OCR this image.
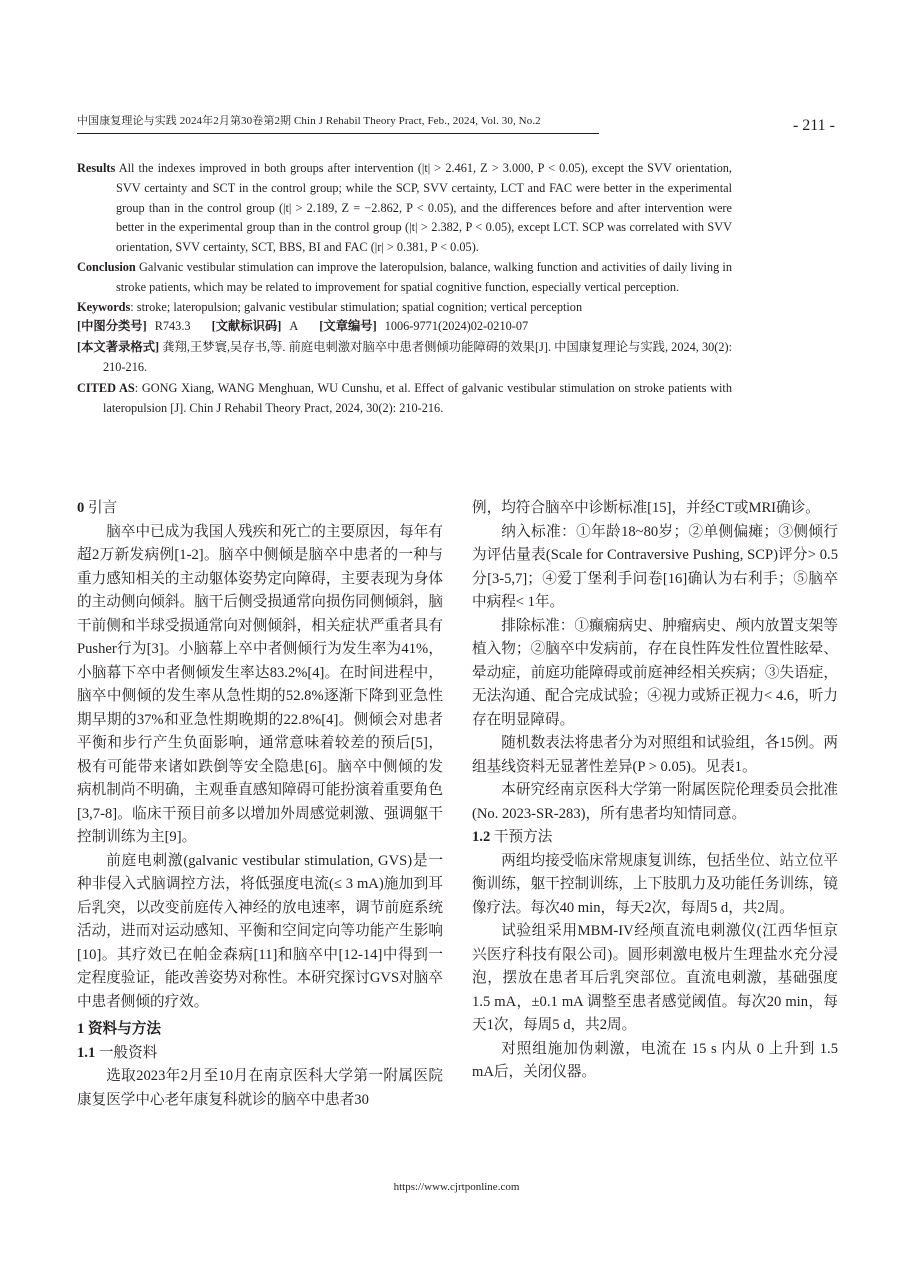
中国康复理论与实践 2024年2月第30卷第2期 Chin J Rehabil Theory Pract, Feb., 2024, Vol. 30, No.2	- 211 -
Results All the indexes improved in both groups after intervention (|t| > 2.461, Z > 3.000, P < 0.05), except the SVV orientation, SVV certainty and SCT in the control group; while the SCP, SVV certainty, LCT and FAC were better in the experimental group than in the control group (|t| > 2.189, Z = −2.862, P < 0.05), and the differences before and after intervention were better in the experimental group than in the control group (|t| > 2.382, P < 0.05), except LCT. SCP was correlated with SVV orientation, SVV certainty, SCT, BBS, BI and FAC (|r| > 0.381, P < 0.05).
Conclusion Galvanic vestibular stimulation can improve the lateropulsion, balance, walking function and activities of daily living in stroke patients, which may be related to improvement for spatial cognitive function, especially vertical perception.
Keywords: stroke; lateropulsion; galvanic vestibular stimulation; spatial cognition; vertical perception
[中图分类号] R743.3 [文献标识码] A [文章编号] 1006-9771(2024)02-0210-07
[本文著录格式] 龚翔,王梦寰,吴存书,等. 前庭电刺激对脑卒中患者侧倾功能障碍的效果[J]. 中国康复理论与实践, 2024, 30(2): 210-216.
CITED AS: GONG Xiang, WANG Menghuan, WU Cunshu, et al. Effect of galvanic vestibular stimulation on stroke patients with lateropulsion [J]. Chin J Rehabil Theory Pract, 2024, 30(2): 210-216.
0 引言

脑卒中已成为我国人残疾和死亡的主要原因，每年有超2万新发病例[1-2]。脑卒中侧倾是脑卒中患者的一种与重力感知相关的主动躯体姿势定向障碍，主要表现为身体的主动侧向倾斜。脑干后侧受损通常向损伤同侧倾斜，脑干前侧和半球受损通常向对侧倾斜，相关症状严重者具有Pusher行为[3]。小脑幕上卒中者侧倾行为发生率为41%，小脑幕下卒中者侧倾发生率达83.2%[4]。在时间进程中，脑卒中侧倾的发生率从急性期的52.8%逐渐下降到亚急性期早期的37%和亚急性期晚期的22.8%[4]。侧倾会对患者平衡和步行产生负面影响，通常意味着较差的预后[5]，极有可能带来诸如跌倒等安全隐患[6]。脑卒中侧倾的发病机制尚不明确，主观垂直感知障碍可能扮演着重要角色[3,7-8]。临床干预目前多以增加外周感觉刺激、强调躯干控制训练为主[9]。

前庭电刺激(galvanic vestibular stimulation, GVS)是一种非侵入式脑调控方法，将低强度电流(≤ 3 mA)施加到耳后乳突，以改变前庭传入神经的放电速率，调节前庭系统活动，进而对运动感知、平衡和空间定向等功能产生影响[10]。其疗效已在帕金森病[11]和脑卒中[12-14]中得到一定程度验证，能改善姿势对称性。本研究探讨GVS对脑卒中患者侧倾的疗效。

1 资料与方法
1.1 一般资料

选取2023年2月至10月在南京医科大学第一附属医院康复医学中心老年康复科就诊的脑卒中患者30

例，均符合脑卒中诊断标准[15]，并经CT或MRI确诊。

纳入标准：①年龄18~80岁；②单侧偏瘫；③侧倾行为评估量表(Scale for Contraversive Pushing, SCP)评分> 0.5分[3-5,7]；④爱丁堡利手问卷[16]确认为右利手；⑤脑卒中病程< 1年。

排除标准：①癫痫病史、肿瘤病史、颅内放置支架等植入物；②脑卒中发病前，存在良性阵发性位置性眩晕、晕动症，前庭功能障碍或前庭神经相关疾病；③失语症，无法沟通、配合完成试验；④视力或矫正视力< 4.6，听力存在明显障碍。

随机数表法将患者分为对照组和试验组，各15例。两组基线资料无显著性差异(P > 0.05)。见表1。

本研究经南京医科大学第一附属医院伦理委员会批准(No. 2023-SR-283)，所有患者均知情同意。

1.2 干预方法

两组均接受临床常规康复训练，包括坐位、站立位平衡训练，躯干控制训练，上下肢肌力及功能任务训练，镜像疗法。每次40 min，每天2次，每周5 d，共2周。

试验组采用MBM-IV经颅直流电刺激仪(江西华恒京兴医疗科技有限公司)。圆形刺激电极片生理盐水充分浸泡，摆放在患者耳后乳突部位。直流电刺激，基础强度 1.5 mA，±0.1 mA 调整至患者感觉阈值。每次20 min，每天1次，每周5 d，共2周。

对照组施加伪刺激，电流在 15 s 内从 0 上升到 1.5 mA后，关闭仪器。

https://www.cjrtponline.com
